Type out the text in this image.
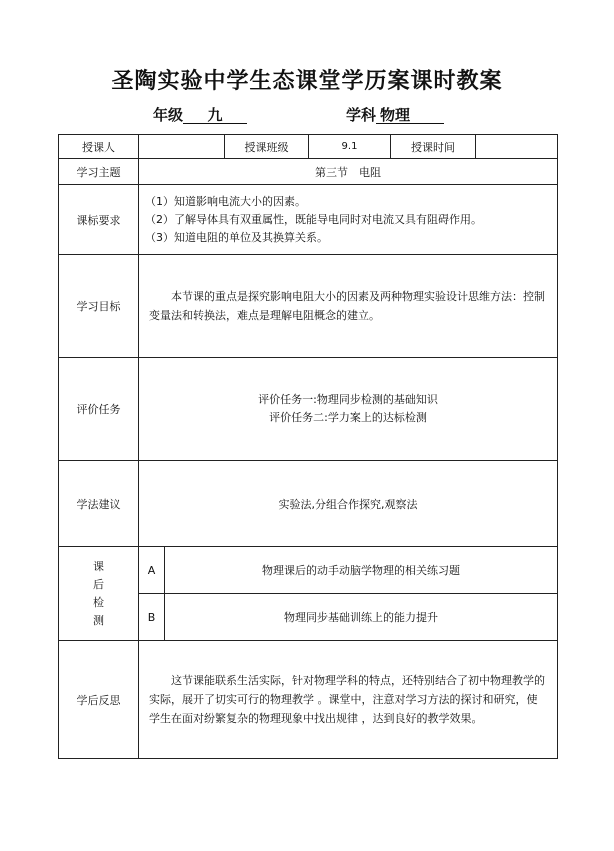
圣陶实验中学生态课堂学历案课时教案
年级 九	学科 物理
授课人			授课班级	9.1	授课时间	
学习主题	第三节　电阻					
课标要求	（1）知道影响电流大小的因素。
（2）了解导体具有双重属性，既能导电同时对电流又具有阻碍作用。
（3）知道电阻的单位及其换算关系。					

学习目标	本节课的重点是探究影响电阻大小的因素及两种物理实验设计思维方法：控制变量法和转换法，难点是理解电阻概念的建立。					
评价任务	评价任务一:物理同步检测的基础知识
评价任务二:学力案上的达标检测					

学法建议	实验法,分组合作探究,观察法					

课
后
检
测	A	物理课后的动手动脑学物理的相关练习题				
	B	物理同步基础训练上的能力提升				
学后反思	这节课能联系生活实际，针对物理学科的特点，还特别结合了初中物理教学的实际，展开了切实可行的物理教学 。课堂中，注意对学习方法的探讨和研究，使学生在面对纷繁复杂的物理现象中找出规律 ，达到良好的教学效果。					
